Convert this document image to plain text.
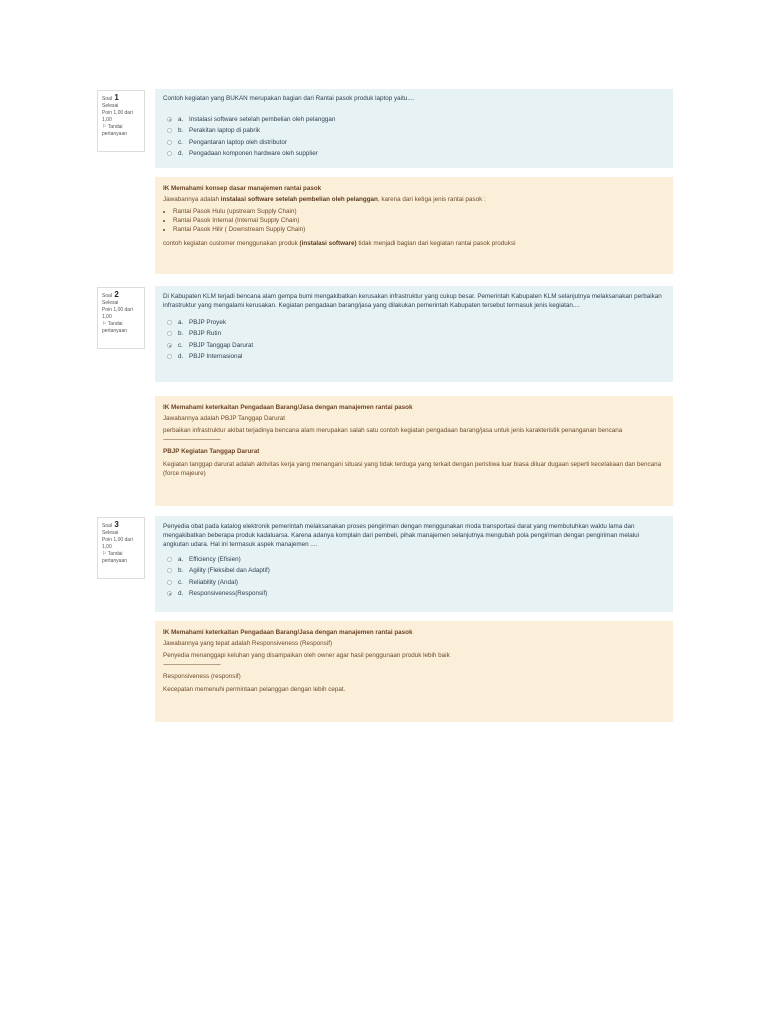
Soal 1
Selesai
Poin 1,00 dari 1,00
⚐ Tandai pertanyaan
Contoh kegiatan yang BUKAN merupakan bagian dari Rantai pasok produk laptop yaitu....
a. Instalasi software setelah pembelian oleh pelanggan
b. Perakitan laptop di pabrik
c. Pengantaran laptop oleh distributor
d. Pengadaan komponen hardware oleh supplier
IK Memahami konsep dasar manajemen rantai pasok

Jawabannya adalah instalasi software setelah pembelian oleh pelanggan, karena dari ketiga jenis rantai pasok :

• Rantai Pasok Hulu (upstream Supply Chain)
• Rantai Pasok Internal (Internal Supply Chain)
• Rantai Pasok Hilir ( Downstream Supply Chain)

contoh kegiatan customer menggunakan produk (instalasi software) tidak menjadi bagian dari kegiatan rantai pasok produksi

Soal 2
Selesai
Poin 1,00 dari 1,00
⚐ Tandai pertanyaan
Di Kabupaten KLM terjadi bencana alam gempa bumi mengakibatkan kerusakan infrastruktur yang cukup besar. Pemerintah Kabupaten KLM selanjutnya melaksanakan perbaikan infrastruktur yang mengalami kerusakan. Kegiatan pengadaan barang/jasa yang dilakukan pemerintah Kabupaten tersebut termasuk jenis kegiatan....
a. PBJP Proyek
b. PBJP Rutin
c. PBJP Tanggap Darurat
d. PBJP Internasional
IK Memahami keterkaitan Pengadaan Barang/Jasa dengan manajemen rantai pasok

Jawabannya adalah PBJP Tanggap Darurat

perbaikan infrastruktur akibat terjadinya bencana alam merupakan salah satu contoh kegiatan pengadaan barang/jasa untuk jenis karakteristik penanganan bencana

------------------------------------
PBJP Kegiatan Tanggap Darurat

Kegiatan tanggap darurat adalah aktivitas kerja yang menangani situasi yang tidak terduga yang terkait dengan peristiwa luar biasa diluar dugaan seperti kecelakaan dan bencana (force majeure)

Soal 3
Selesai
Poin 1,00 dari 1,00
⚐ Tandai pertanyaan
Penyedia obat pada katalog elektronik pemerintah melaksanakan proses pengiriman dengan menggunakan moda transportasi darat yang membutuhkan waktu lama dan mengakibatkan beberapa produk kadaluarsa. Karena adanya komplain dari pembeli, pihak manajemen selanjutnya mengubah pola pengiriman dengan pengiriman melalui angkutan udara. Hal ini termasuk aspek manajemen ....
a. Efficiency (Efisien)
b. Agility (Fleksibel dan Adaptif)
c. Reliability (Andal)
d. Responsiveness(Responsif)
IK Memahami keterkaitan Pengadaan Barang/Jasa dengan manajemen rantai pasok

Jawabannya yang tepat adalah Responsiveness (Responsif)

Penyedia menanggapi keluhan yang disampaikan oleh owner agar hasil penggunaan produk lebih baik

------------------------------------

Responsiveness (responsif)

Kecepatan memenuhi permintaan pelanggan dengan lebih cepat.
